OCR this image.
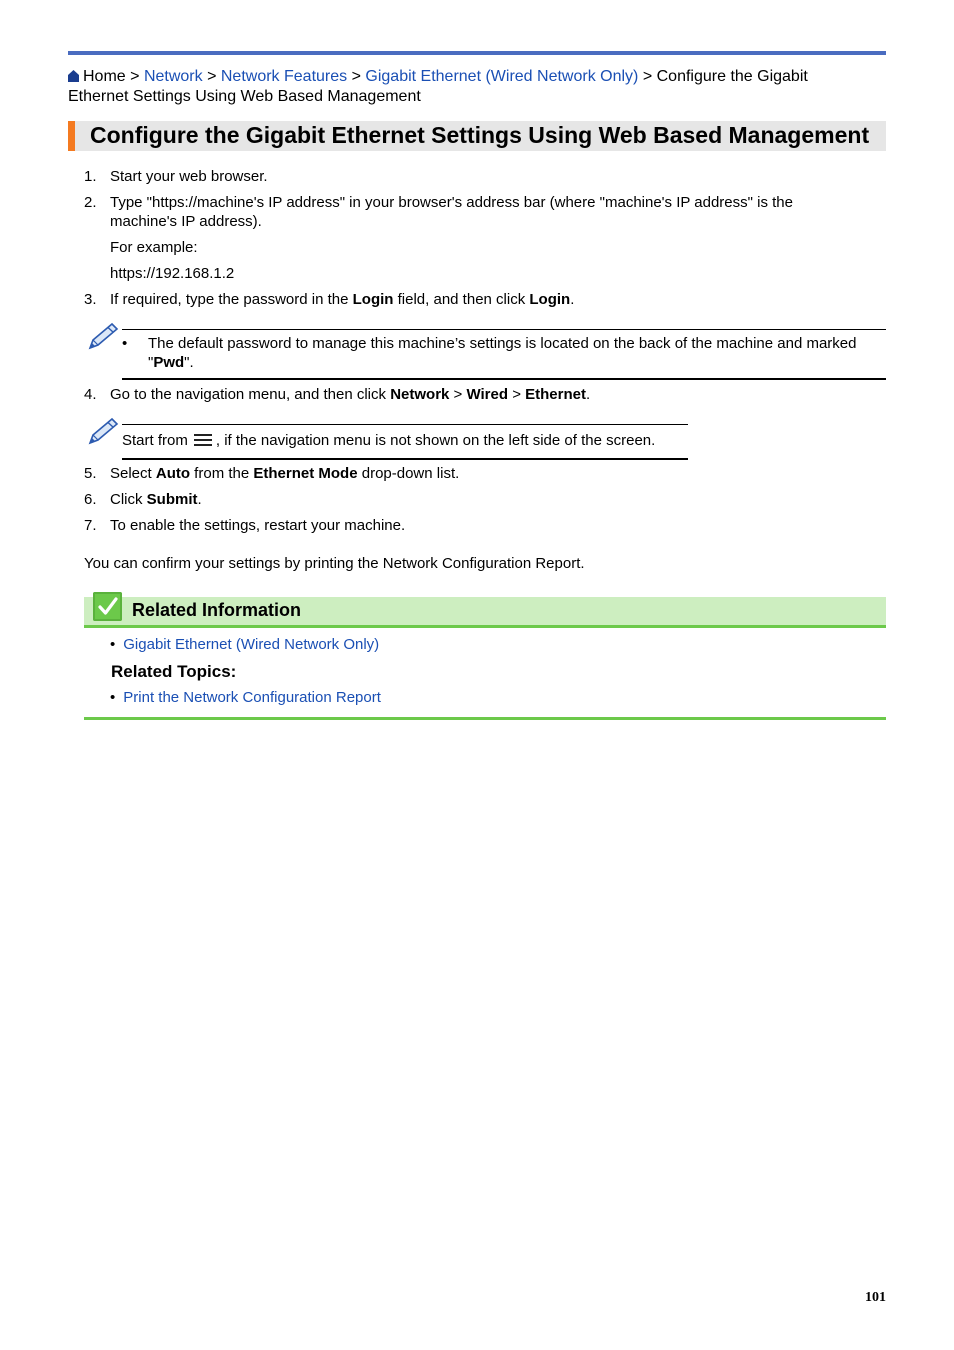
Home > Network > Network Features > Gigabit Ethernet (Wired Network Only) > Configure the Gigabit Ethernet Settings Using Web Based Management
Configure the Gigabit Ethernet Settings Using Web Based Management
1. Start your web browser.
2. Type "https://machine's IP address" in your browser's address bar (where "machine's IP address" is the machine's IP address).
For example:
https://192.168.1.2
3. If required, type the password in the Login field, and then click Login.
• The default password to manage this machine’s settings is located on the back of the machine and marked "Pwd".
4. Go to the navigation menu, and then click Network > Wired > Ethernet.
Start from , if the navigation menu is not shown on the left side of the screen.
5. Select Auto from the Ethernet Mode drop-down list.
6. Click Submit.
7. To enable the settings, restart your machine.
You can confirm your settings by printing the Network Configuration Report.
Related Information
• Gigabit Ethernet (Wired Network Only)
Related Topics:
• Print the Network Configuration Report
101
